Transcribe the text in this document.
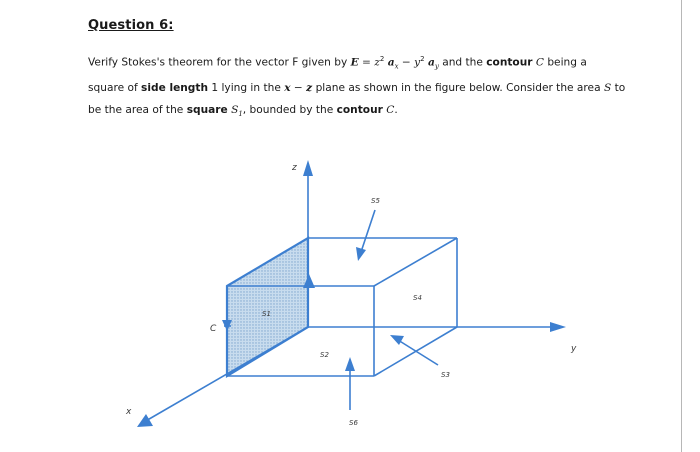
Question 6:

Verify Stokes's theorem for the vector F given by $E = z^2$ $a_x - y^2$ $a_y$ and the contour C being a
square of side length 1 lying in the x − z plane as shown in the figure below. Consider the area S to
be the area of the square $S_1$, bounded by the contour C.
z
y
x
C
S1
S2
S3
S4
S5
S6
